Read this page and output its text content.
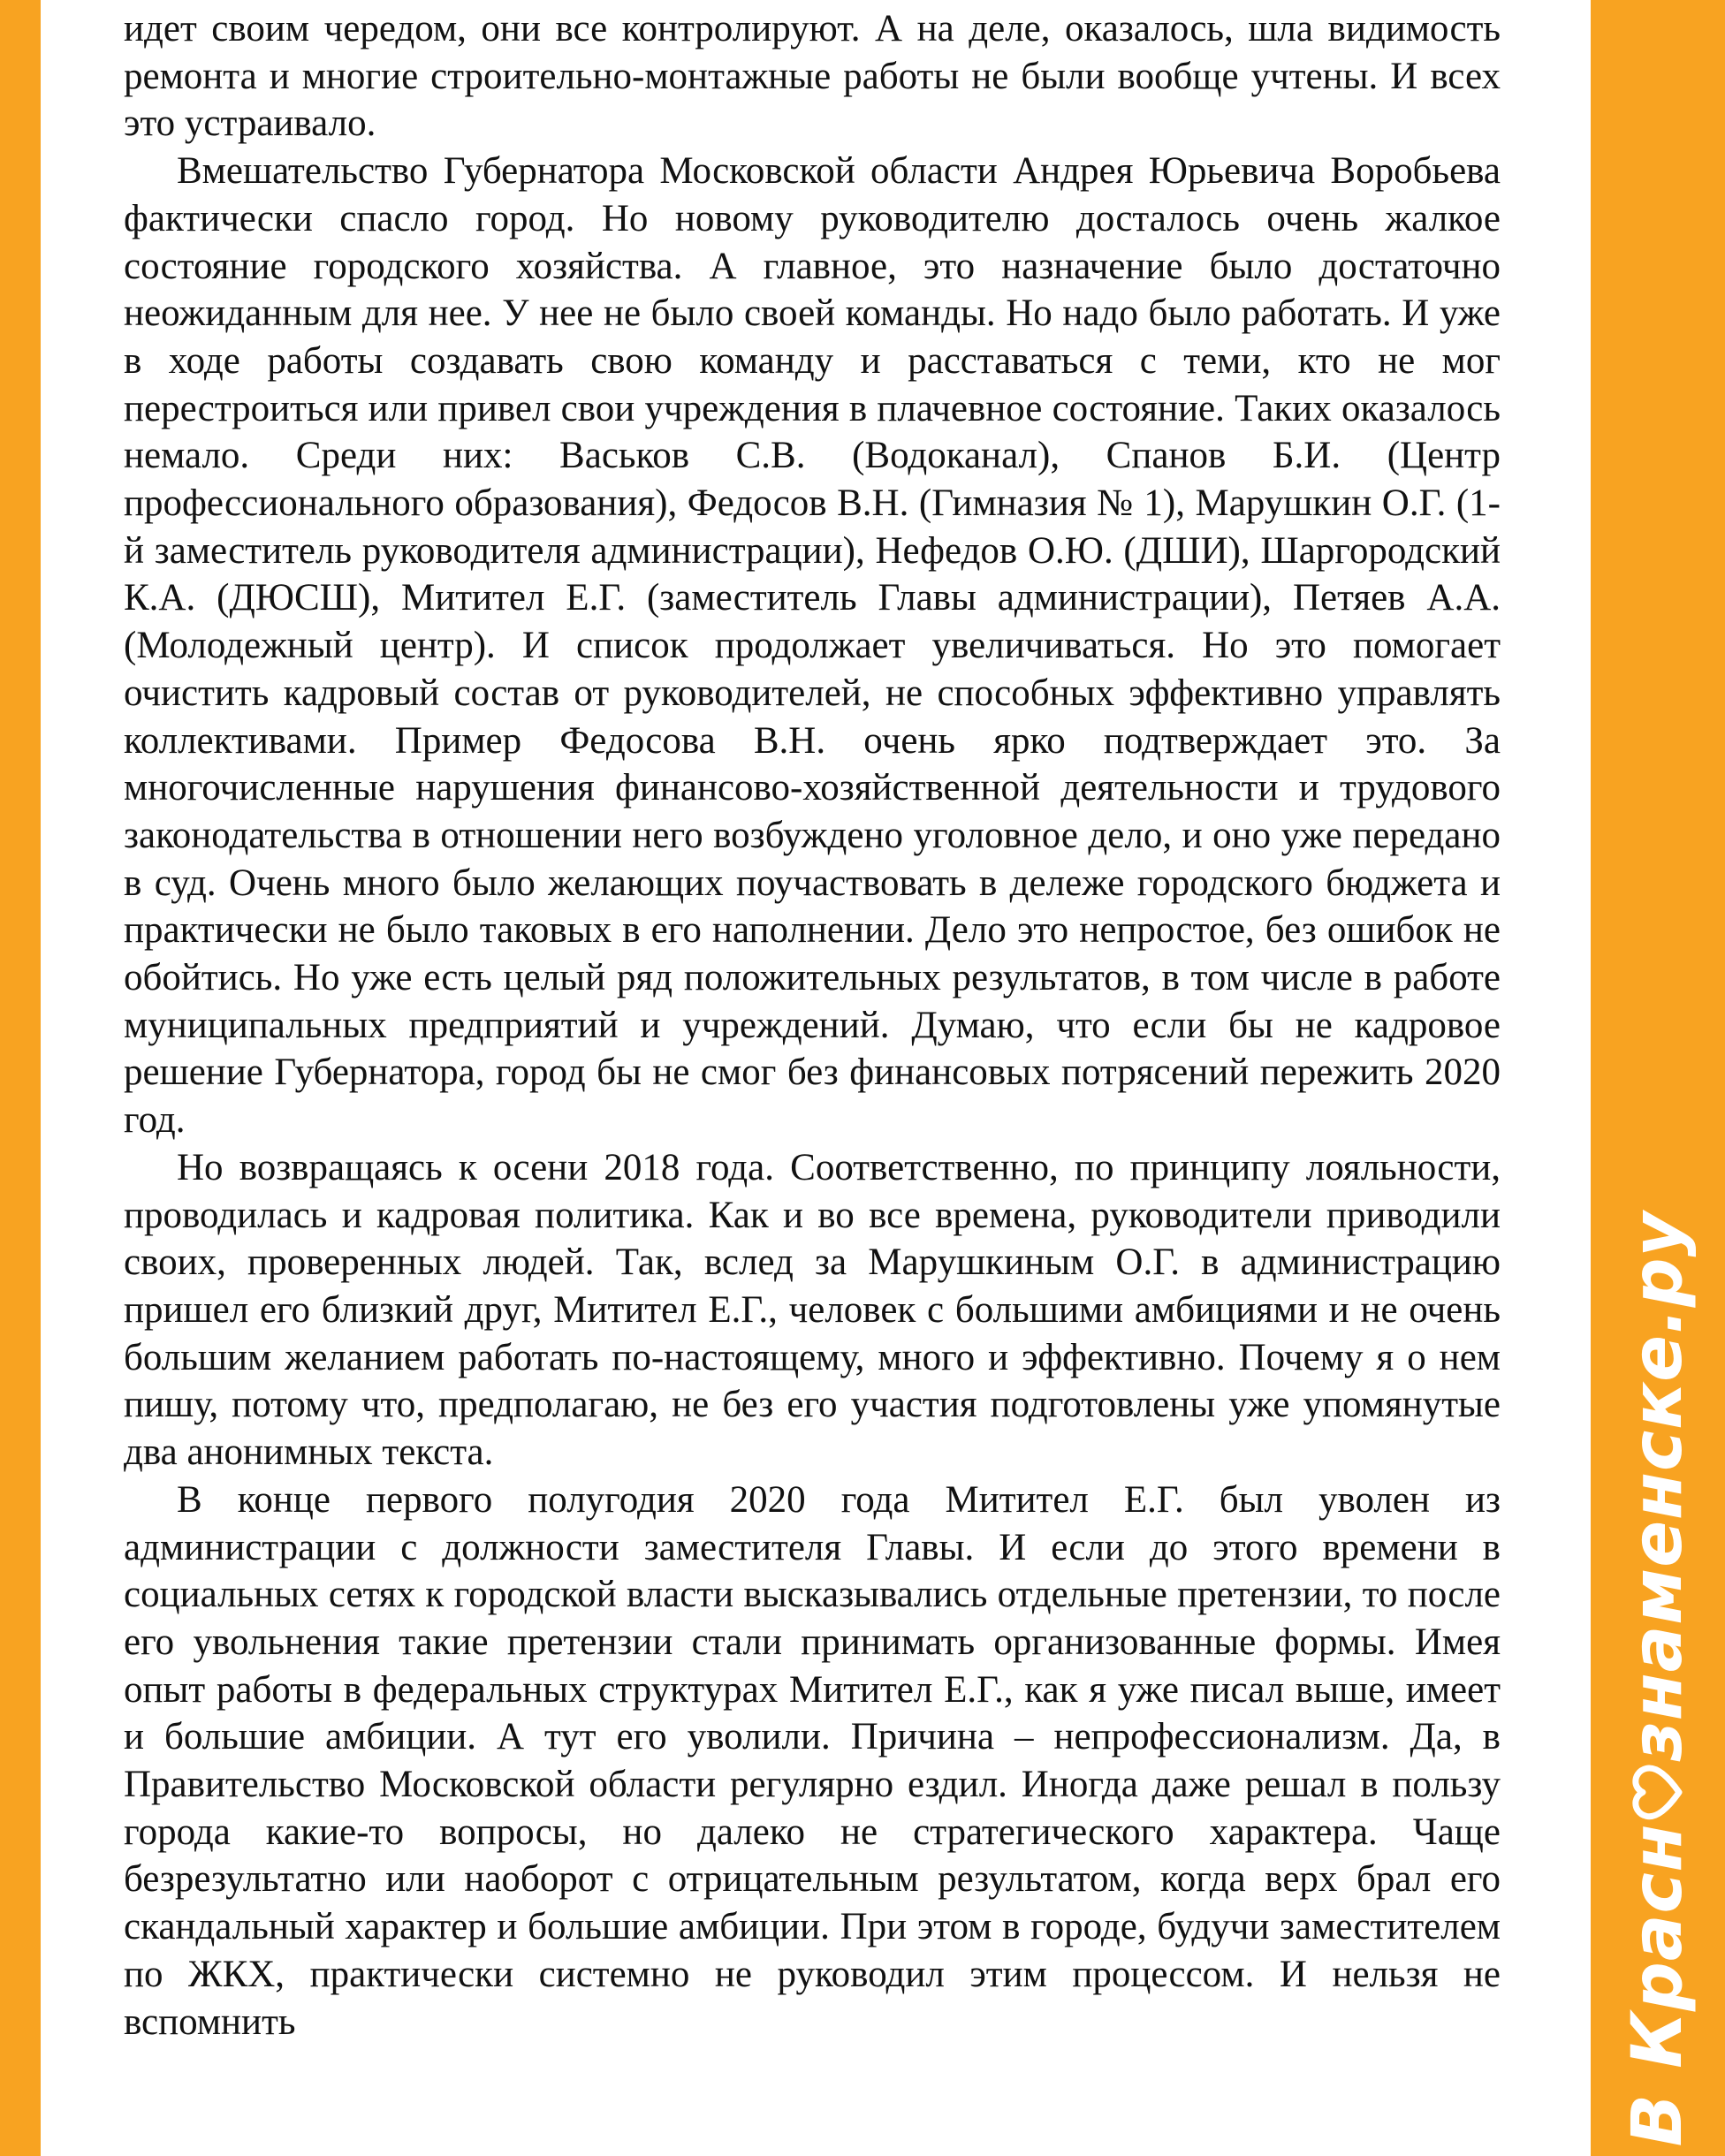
идет своим чередом, они все контролируют. А на деле, оказалось, шла видимость ремонта и многие строительно-монтажные работы не были вообще учтены. И всех это устраивало.

Вмешательство Губернатора Московской области Андрея Юрьевича Воробьева фактически спасло город. Но новому руководителю досталось очень жалкое состояние городского хозяйства. А главное, это назначение было достаточно неожиданным для нее. У нее не было своей команды. Но надо было работать. И уже в ходе работы создавать свою команду и расставаться с теми, кто не мог перестроиться или привел свои учреждения в плачевное состояние. Таких оказалось немало. Среди них: Васьков С.В. (Водоканал), Спанов Б.И. (Центр профессионального образования), Федосов В.Н. (Гимназия № 1), Марушкин О.Г. (1-й заместитель руководителя администрации), Нефедов О.Ю. (ДШИ), Шаргородский К.А. (ДЮСШ), Митител Е.Г. (заместитель Главы администрации), Петяев А.А. (Молодежный центр). И список продолжает увеличиваться. Но это помогает очистить кадровый состав от руководителей, не способных эффективно управлять коллективами. Пример Федосова В.Н. очень ярко подтверждает это. За многочисленные нарушения финансово-хозяйственной деятельности и трудового законодательства в отношении него возбуждено уголовное дело, и оно уже передано в суд. Очень много было желающих поучаствовать в дележе городского бюджета и практически не было таковых в его наполнении. Дело это непростое, без ошибок не обойтись. Но уже есть целый ряд положительных результатов, в том числе в работе муниципальных предприятий и учреждений. Думаю, что если бы не кадровое решение Губернатора, город бы не смог без финансовых потрясений пережить 2020 год.

Но возвращаясь к осени 2018 года. Соответственно, по принципу лояльности, проводилась и кадровая политика. Как и во все времена, руководители приводили своих, проверенных людей. Так, вслед за Марушкиным О.Г. в администрацию пришел его близкий друг, Митител Е.Г., человек с большими амбициями и не очень большим желанием работать по-настоящему, много и эффективно. Почему я о нем пишу, потому что, предполагаю, не без его участия подготовлены уже упомянутые два анонимных текста.

В конце первого полугодия 2020 года Митител Е.Г. был уволен из администрации с должности заместителя Главы. И если до этого времени в социальных сетях к городской власти высказывались отдельные претензии, то после его увольнения такие претензии стали принимать организованные формы. Имея опыт работы в федеральных структурах Митител Е.Г., как я уже писал выше, имеет и большие амбиции. А тут его уволили. Причина – непрофессионализм. Да, в Правительство Московской области регулярно ездил. Иногда даже решал в пользу города какие-то вопросы, но далеко не стратегического характера. Чаще безрезультатно или наоборот с отрицательным результатом, когда верх брал его скандальный характер и большие амбиции. При этом в городе, будучи заместителем по ЖКХ, практически системно не руководил этим процессом. И нельзя не вспомнить	В Красн
знаменске.ру
